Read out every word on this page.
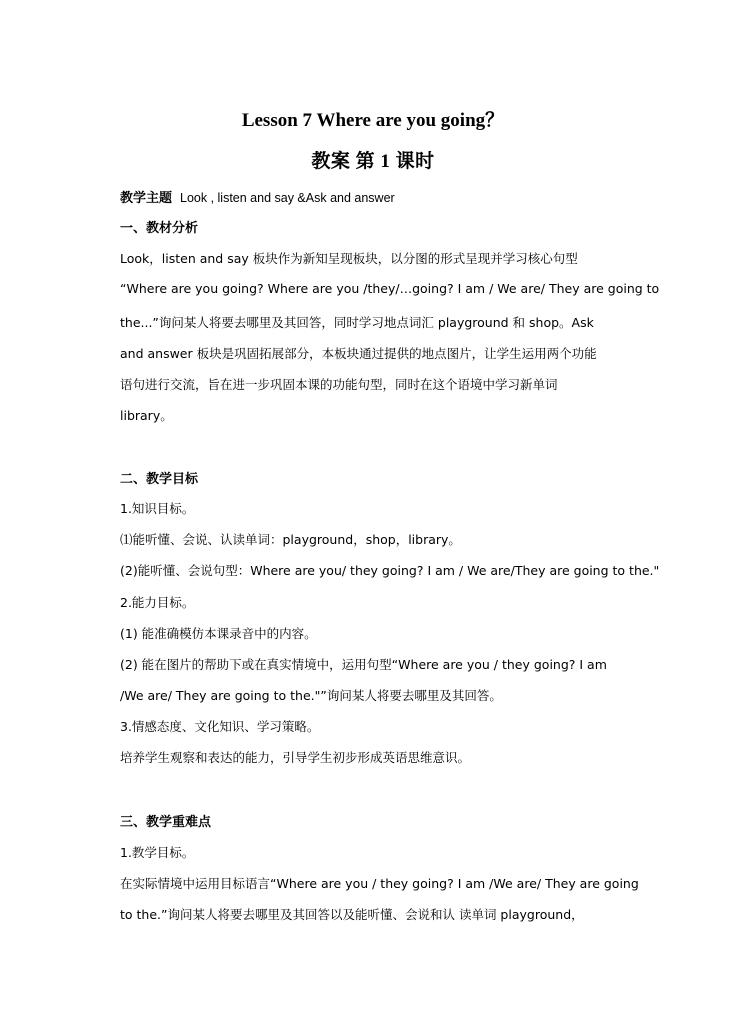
Lesson 7 Where are you going？
教案 第 1 课时
教学主题 Look , listen and say &Ask and answer
一、教材分析
Look，listen and say 板块作为新知呈现板块，以分图的形式呈现并学习核心句型
“Where are you going? Where are you /they/…going? I am / We are/ They are going to
the...”询问某人将要去哪里及其回答，同时学习地点词汇 playground 和 shop。Ask
and answer 板块是巩固拓展部分，本板块通过提供的地点图片，让学生运用两个功能
语句进行交流，旨在进一步巩固本课的功能句型，同时在这个语境中学习新单词
library。
二、教学目标
1.知识目标。
⑴能听懂、会说、认读单词：playground，shop，library。
(2)能听懂、会说句型：Where are you/ they going? I am / We are/They are going to the."
2.能力目标。
(1) 能准确模仿本课录音中的内容。
(2) 能在图片的帮助下或在真实情境中，运用句型“Where are you / they going? I am
/We are/ They are going to the."”询问某人将要去哪里及其回答。
3.情感态度、文化知识、学习策略。
培养学生观察和表达的能力，引导学生初步形成英语思维意识。
三、教学重难点
1.教学目标。
在实际情境中运用目标语言“Where are you / they going? I am /We are/ They are going
to the.”询问某人将要去哪里及其回答以及能听懂、会说和认 读单词 playground，
